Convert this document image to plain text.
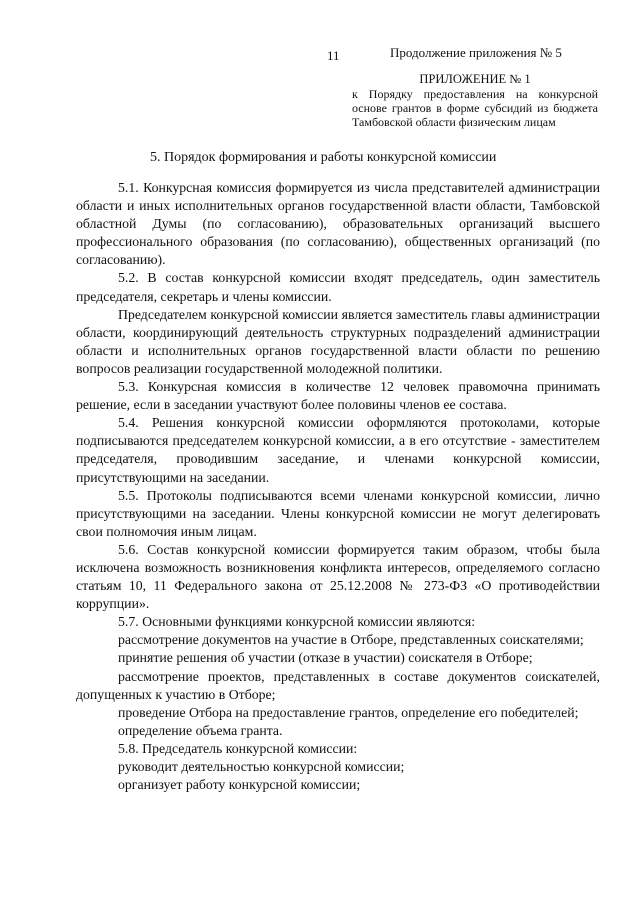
11	Продолжение приложения № 5
ПРИЛОЖЕНИЕ № 1
к Порядку предоставления на конкурсной основе грантов в форме субсидий из бюджета Тамбовской области физическим лицам
5. Порядок формирования и работы конкурсной комиссии

5.1. Конкурсная комиссия формируется из числа представителей администрации области и иных исполнительных органов государственной власти области, Тамбовской областной Думы (по согласованию), образовательных организаций высшего профессионального образования (по согласованию), общественных организаций (по согласованию).

5.2. В состав конкурсной комиссии входят председатель, один заместитель председателя, секретарь и члены комиссии.

Председателем конкурсной комиссии является заместитель главы администрации области, координирующий деятельность структурных подразделений администрации области и исполнительных органов государственной власти области по решению вопросов реализации государственной молодежной политики.

5.3. Конкурсная комиссия в количестве 12 человек правомочна принимать решение, если в заседании участвуют более половины членов ее состава.

5.4. Решения конкурсной комиссии оформляются протоколами, которые подписываются председателем конкурсной комиссии, а в его отсутствие - заместителем председателя, проводившим заседание, и членами конкурсной комиссии, присутствующими на заседании.

5.5. Протоколы подписываются всеми членами конкурсной комиссии, лично присутствующими на заседании. Члены конкурсной комиссии не могут делегировать свои полномочия иным лицам.

5.6. Состав конкурсной комиссии формируется таким образом, чтобы была исключена возможность возникновения конфликта интересов, определяемого согласно статьям 10, 11 Федерального закона от 25.12.2008 № 273-ФЗ «О противодействии коррупции».

5.7. Основными функциями конкурсной комиссии являются:

рассмотрение документов на участие в Отборе, представленных соискателями;

принятие решения об участии (отказе в участии) соискателя в Отборе;

рассмотрение проектов, представленных в составе документов соискателей, допущенных к участию в Отборе;

проведение Отбора на предоставление грантов, определение его победителей;

определение объема гранта.

5.8. Председатель конкурсной комиссии:

руководит деятельностью конкурсной комиссии;

организует работу конкурсной комиссии;
